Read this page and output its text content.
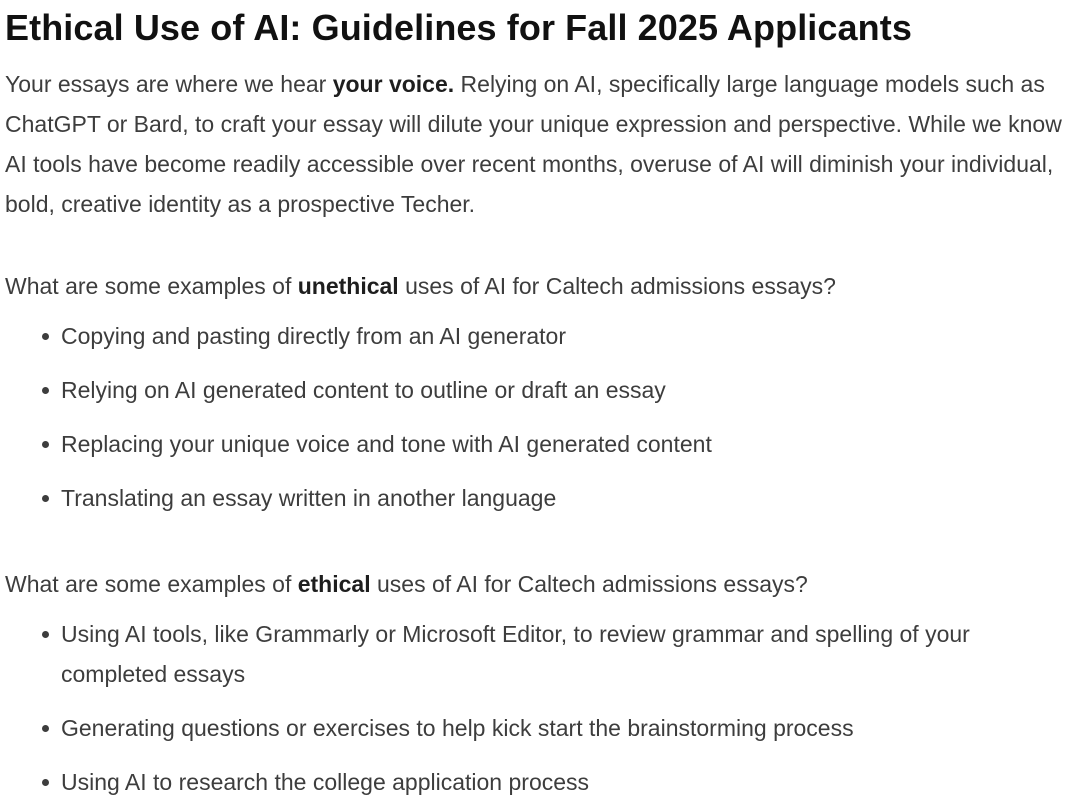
Ethical Use of AI: Guidelines for Fall 2025 Applicants

Your essays are where we hear your voice. Relying on AI, specifically large language models such as ChatGPT or Bard, to craft your essay will dilute your unique expression and perspective. While we know AI tools have become readily accessible over recent months, overuse of AI will diminish your individual, bold, creative identity as a prospective Techer.

What are some examples of unethical uses of AI for Caltech admissions essays?

Copying and pasting directly from an AI generator
Relying on AI generated content to outline or draft an essay
Replacing your unique voice and tone with AI generated content
Translating an essay written in another language

What are some examples of ethical uses of AI for Caltech admissions essays?

Using AI tools, like Grammarly or Microsoft Editor, to review grammar and spelling of your completed essays
Generating questions or exercises to help kick start the brainstorming process
Using AI to research the college application process
